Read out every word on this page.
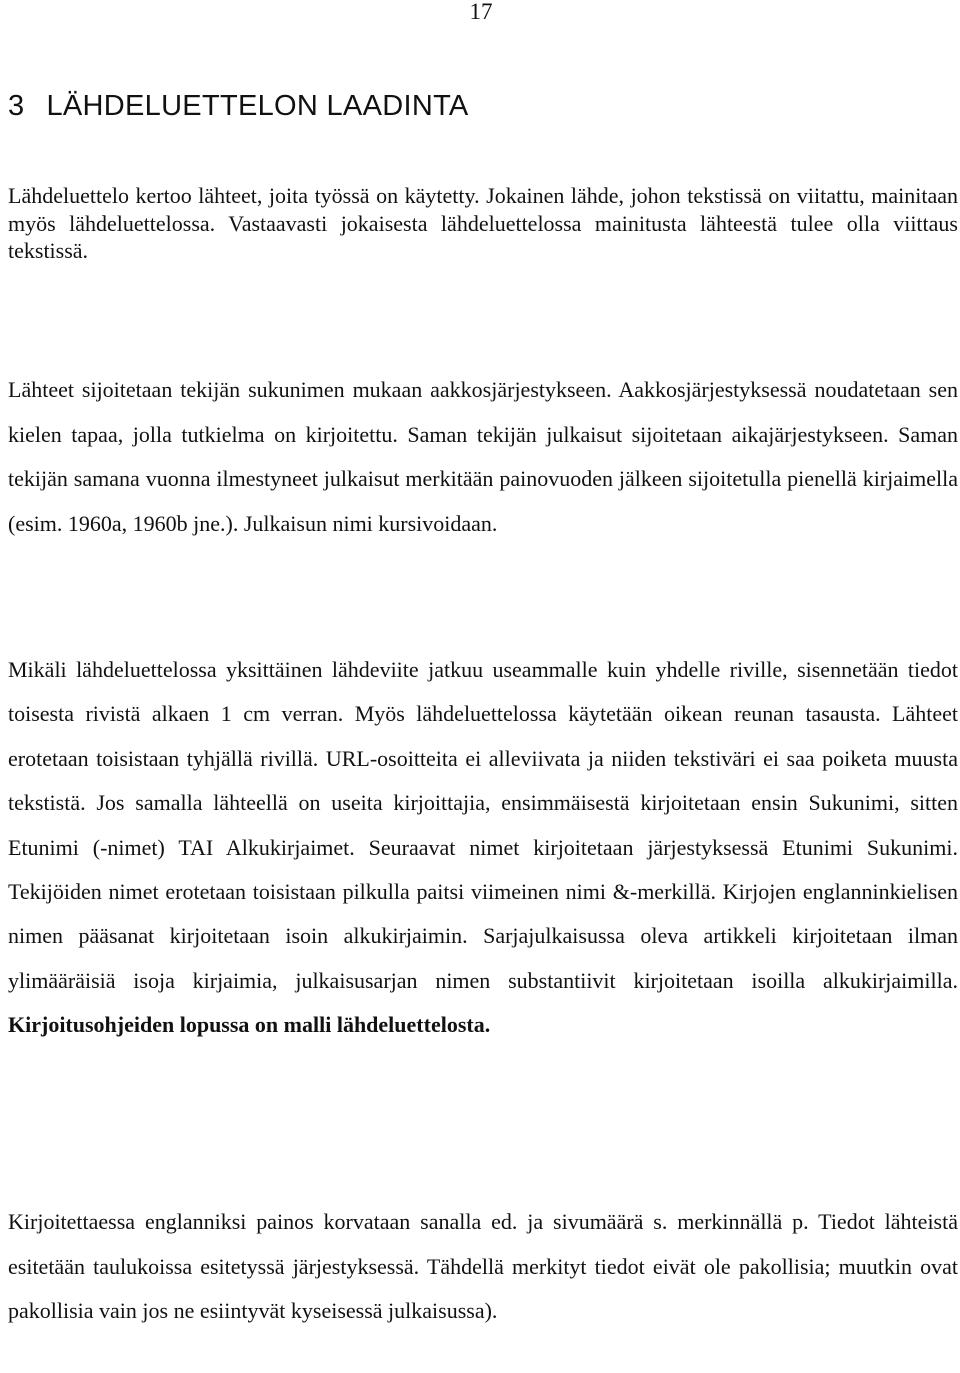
17
3 LÄHDELUETTELON LAADINTA

Lähdeluettelo kertoo lähteet, joita työssä on käytetty. Jokainen lähde, johon tekstissä on viitattu, mainitaan myös lähdeluettelossa. Vastaavasti jokaisesta lähdeluettelossa mainitusta lähteestä tulee olla viittaus tekstissä.

Lähteet sijoitetaan tekijän sukunimen mukaan aakkosjärjestykseen. Aakkosjärjestyksessä noudatetaan sen kielen tapaa, jolla tutkielma on kirjoitettu. Saman tekijän julkaisut sijoitetaan aikajärjestykseen. Saman tekijän samana vuonna ilmestyneet julkaisut merkitään painovuoden jälkeen sijoitetulla pienellä kirjaimella (esim. 1960a, 1960b jne.). Julkaisun nimi kursivoidaan.

Mikäli lähdeluettelossa yksittäinen lähdeviite jatkuu useammalle kuin yhdelle riville, sisennetään tiedot toisesta rivistä alkaen 1 cm verran. Myös lähdeluettelossa käytetään oikean reunan tasausta. Lähteet erotetaan toisistaan tyhjällä rivillä. URL-osoitteita ei alleviivata ja niiden tekstiväri ei saa poiketa muusta tekstistä. Jos samalla lähteellä on useita kirjoittajia, ensimmäisestä kirjoitetaan ensin Sukunimi, sitten Etunimi (-nimet) TAI Alkukirjaimet. Seuraavat nimet kirjoitetaan järjestyksessä Etunimi Sukunimi. Tekijöiden nimet erotetaan toisistaan pilkulla paitsi viimeinen nimi &-merkillä. Kirjojen englanninkielisen nimen pääsanat kirjoitetaan isoin alkukirjaimin. Sarjajulkaisussa oleva artikkeli kirjoitetaan ilman ylimääräisiä isoja kirjaimia, julkaisusarjan nimen substantiivit kirjoitetaan isoilla alkukirjaimilla. Kirjoitusohjeiden lopussa on malli lähdeluettelosta.

Kirjoitettaessa englanniksi painos korvataan sanalla ed. ja sivumäärä s. merkinnällä p. Tiedot lähteistä esitetään taulukoissa esitetyssä järjestyksessä. Tähdellä merkityt tiedot eivät ole pakollisia; muutkin ovat pakollisia vain jos ne esiintyvät kyseisessä julkaisussa).
